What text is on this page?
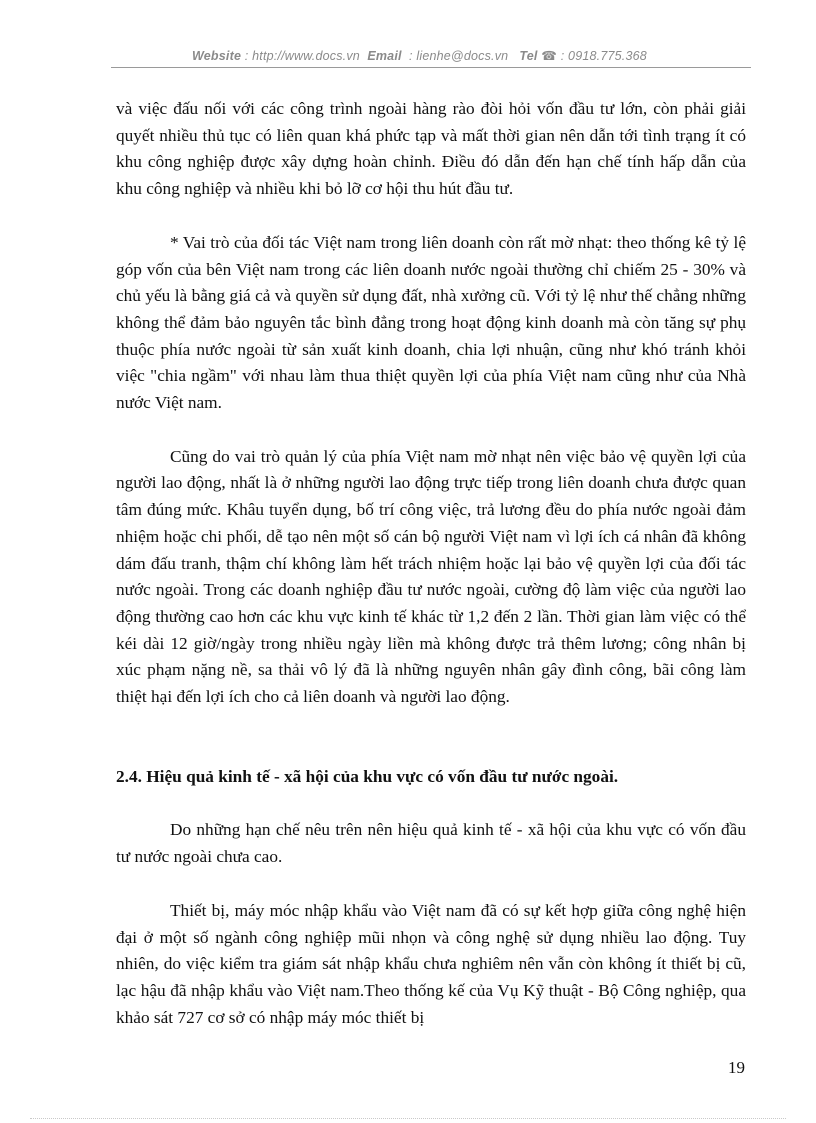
Website : http://www.docs.vn Email  : lienhe@docs.vn Tel ☎ : 0918.775.368

và việc đấu nối với các công trình ngoài hàng rào đòi hỏi vốn đầu tư lớn, còn phải giải quyết nhiều thủ tục có liên quan khá phức tạp và mất thời gian nên dẫn tới tình trạng ít có khu công nghiệp được xây dựng hoàn chỉnh. Điều đó dẫn đến hạn chế tính hấp dẫn của khu công nghiệp và nhiều khi bỏ lỡ cơ hội thu hút đầu tư.

* Vai trò của đối tác Việt nam trong liên doanh còn rất mờ nhạt: theo thống kê tỷ lệ góp vốn của bên Việt nam trong các liên doanh nước ngoài thường chỉ chiếm 25 - 30% và chủ yếu là bằng giá cả và quyền sử dụng đất, nhà xưởng cũ. Với tỷ lệ như thế chẳng những không thể đảm bảo nguyên tắc bình đẳng trong hoạt động kinh doanh mà còn tăng sự phụ thuộc phía nước ngoài từ sản xuất kinh doanh, chia lợi nhuận, cũng như khó tránh khỏi việc "chia ngầm" với nhau làm thua thiệt quyền lợi của phía Việt nam cũng như của Nhà nước Việt nam.

Cũng do vai trò quản lý của phía Việt nam mờ nhạt nên việc bảo vệ quyền lợi của người lao động, nhất là ở những người lao động trực tiếp trong liên doanh chưa được quan tâm đúng mức. Khâu tuyển dụng, bố trí công việc, trả lương đều do phía nước ngoài đảm nhiệm hoặc chi phối, dễ tạo nên một số cán bộ người Việt nam vì lợi ích cá nhân đã không dám đấu tranh, thậm chí không làm hết trách nhiệm hoặc lại bảo vệ quyền lợi của đối tác nước ngoài. Trong các doanh nghiệp đầu tư nước ngoài, cường độ làm việc của người lao động thường cao hơn các khu vực kinh tế khác từ 1,2 đến 2 lần. Thời gian làm việc có thể kéi dài 12 giờ/ngày trong nhiều ngày liền mà không được trả thêm lương; công nhân bị xúc phạm nặng nề, sa thải vô lý đã là những nguyên nhân gây đình công, bãi công làm thiệt hại đến lợi ích cho cả liên doanh và người lao động.

2.4. Hiệu quả kinh tế - xã hội của khu vực có vốn đầu tư nước ngoài.

Do những hạn chế nêu trên nên hiệu quả kinh tế - xã hội của khu vực có vốn đầu tư nước ngoài chưa cao.

Thiết bị, máy móc nhập khẩu vào Việt nam đã có sự kết hợp giữa công nghệ hiện đại ở một số ngành công nghiệp mũi nhọn và công nghệ sử dụng nhiều lao động. Tuy nhiên, do việc kiểm tra giám sát nhập khẩu chưa nghiêm nên vẫn còn không ít thiết bị cũ, lạc hậu đã nhập khẩu vào Việt nam.Theo thống kế của Vụ Kỹ thuật - Bộ Công nghiệp, qua khảo sát 727 cơ sở có nhập máy móc thiết bị

19
